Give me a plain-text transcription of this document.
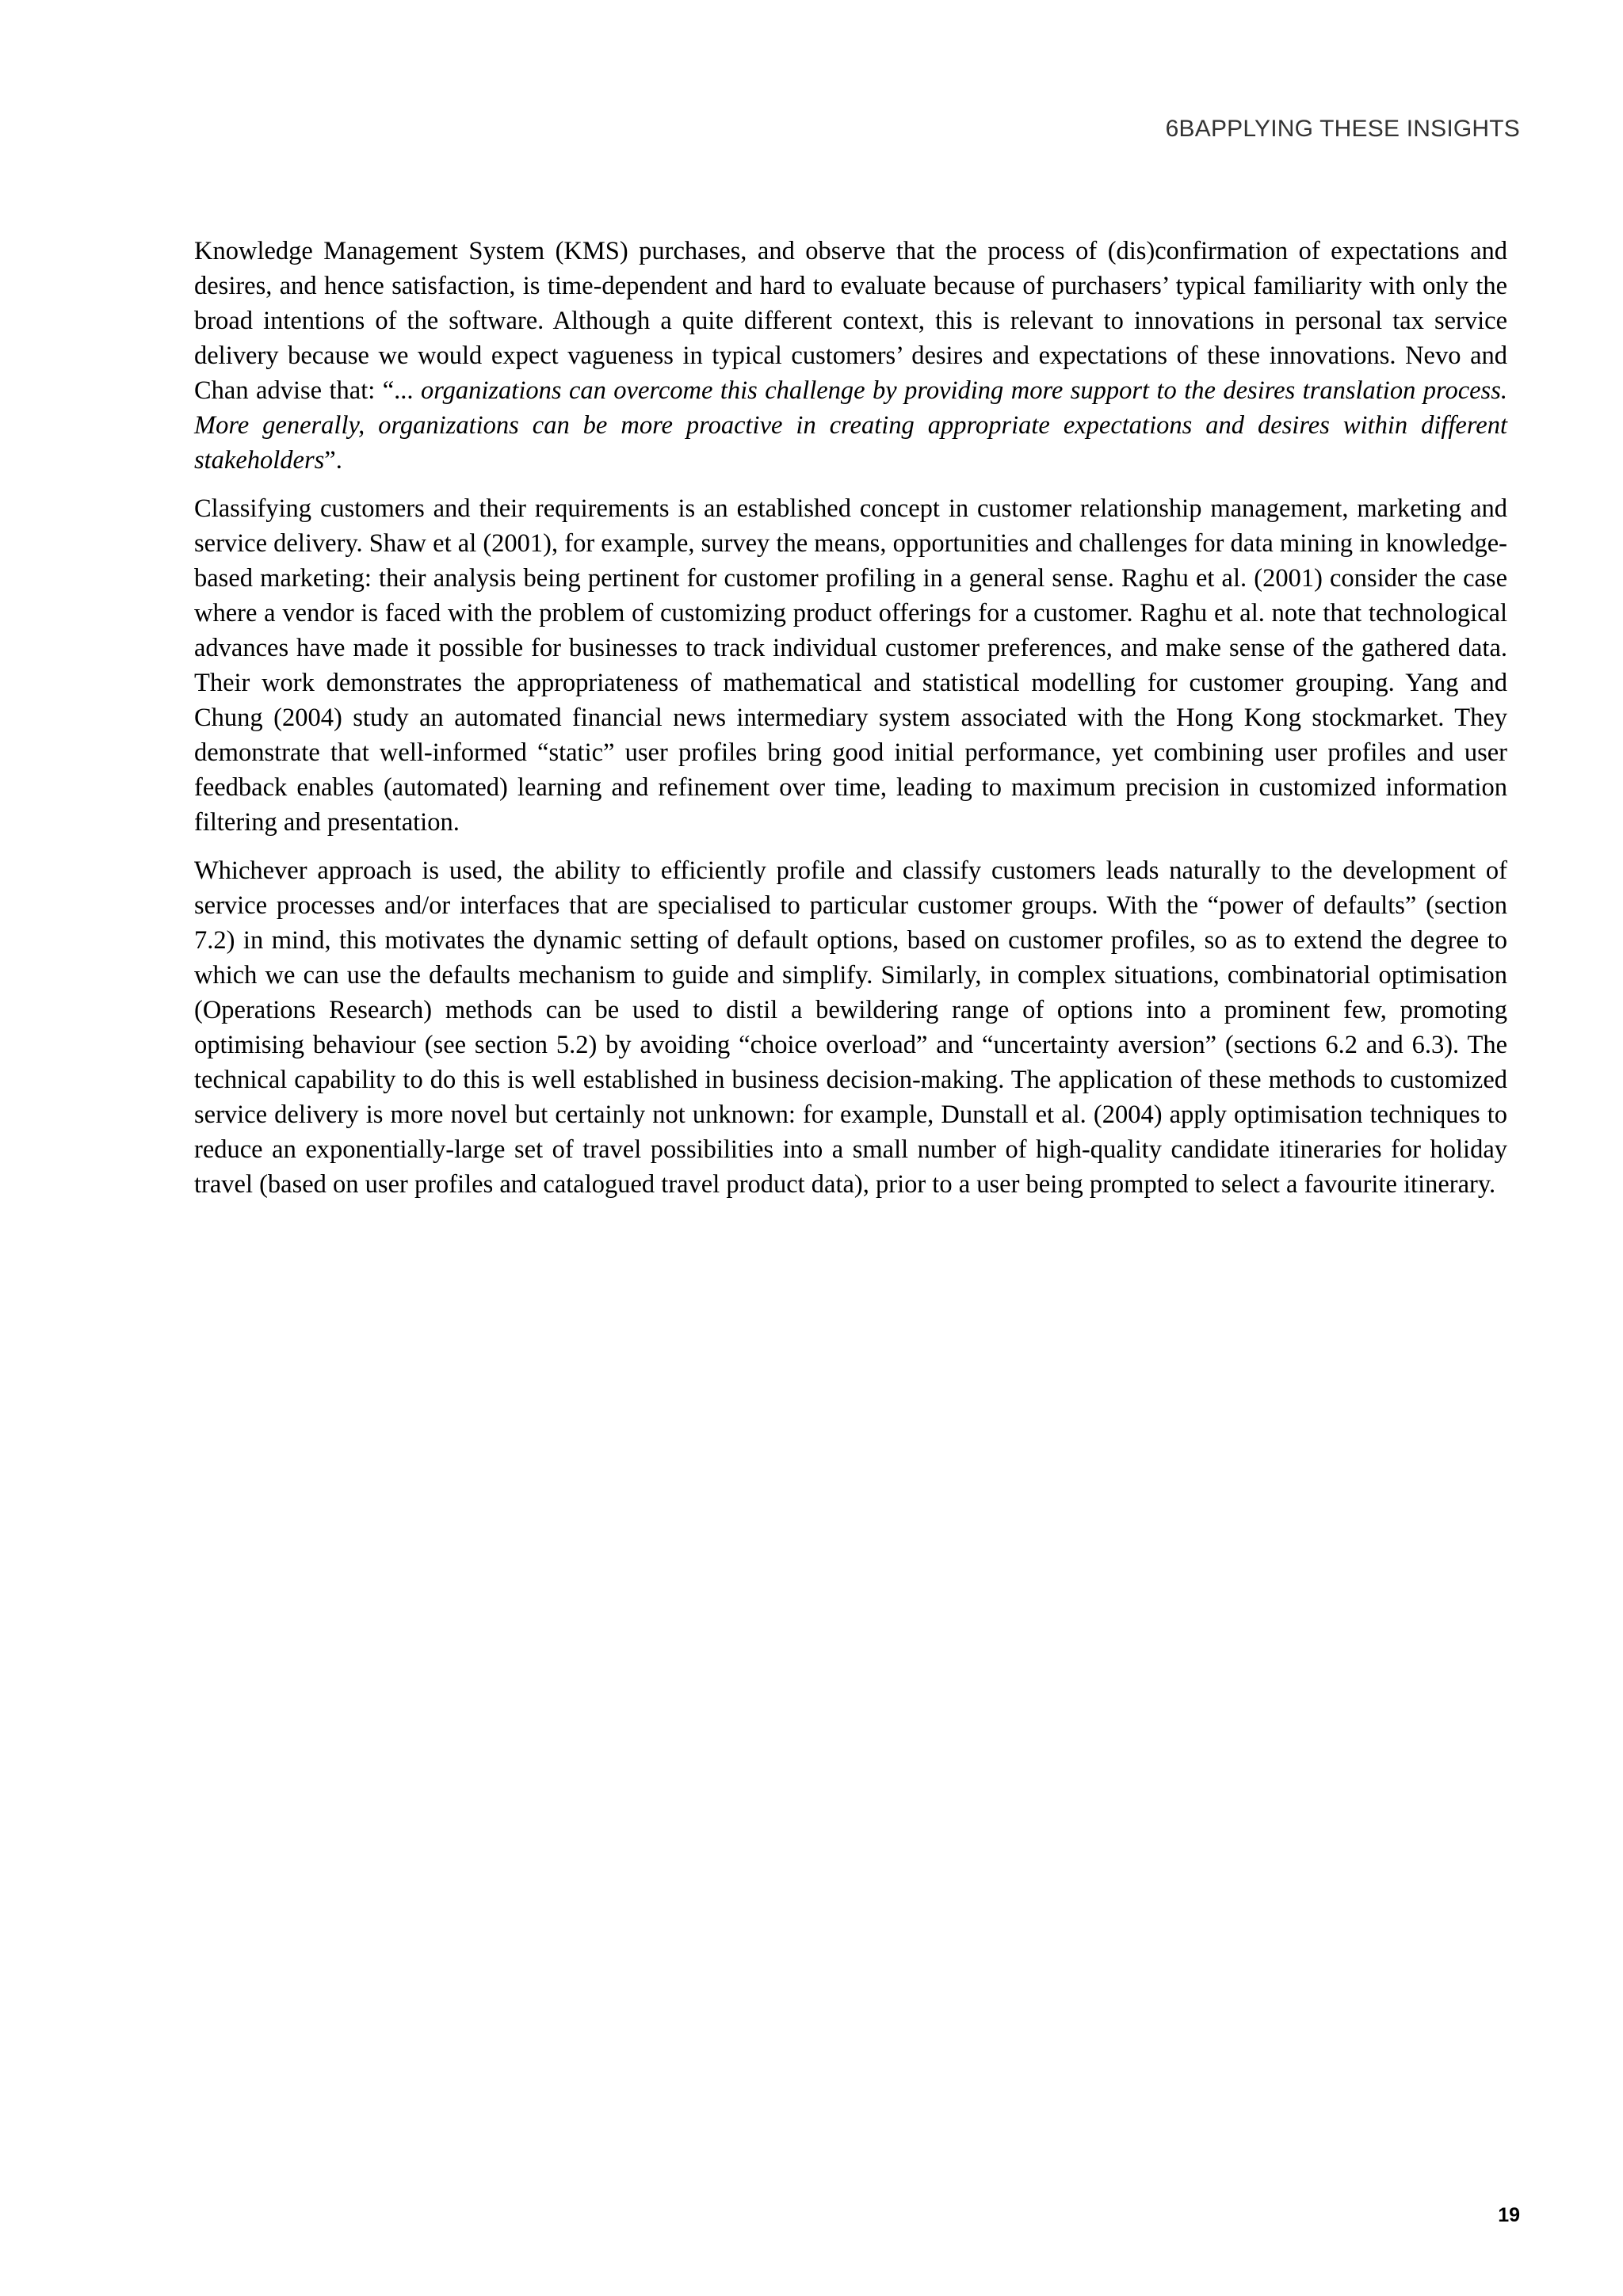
6BAPPLYING THESE INSIGHTS

Knowledge Management System (KMS) purchases, and observe that the process of (dis)confirmation of expectations and desires, and hence satisfaction, is time-dependent and hard to evaluate because of purchasers’ typical familiarity with only the broad intentions of the software. Although a quite different context, this is relevant to innovations in personal tax service delivery because we would expect vagueness in typical customers’ desires and expectations of these innovations. Nevo and Chan advise that: “... organizations can overcome this challenge by providing more support to the desires translation process. More generally, organizations can be more proactive in creating appropriate expectations and desires within different stakeholders”.

Classifying customers and their requirements is an established concept in customer relationship management, marketing and service delivery. Shaw et al (2001), for example, survey the means, opportunities and challenges for data mining in knowledge-based marketing: their analysis being pertinent for customer profiling in a general sense. Raghu et al. (2001) consider the case where a vendor is faced with the problem of customizing product offerings for a customer. Raghu et al. note that technological advances have made it possible for businesses to track individual customer preferences, and make sense of the gathered data. Their work demonstrates the appropriateness of mathematical and statistical modelling for customer grouping. Yang and Chung (2004) study an automated financial news intermediary system associated with the Hong Kong stockmarket. They demonstrate that well-informed “static” user profiles bring good initial performance, yet combining user profiles and user feedback enables (automated) learning and refinement over time, leading to maximum precision in customized information filtering and presentation.

Whichever approach is used, the ability to efficiently profile and classify customers leads naturally to the development of service processes and/or interfaces that are specialised to particular customer groups. With the “power of defaults” (section 7.2) in mind, this motivates the dynamic setting of default options, based on customer profiles, so as to extend the degree to which we can use the defaults mechanism to guide and simplify. Similarly, in complex situations, combinatorial optimisation (Operations Research) methods can be used to distil a bewildering range of options into a prominent few, promoting optimising behaviour (see section 5.2) by avoiding “choice overload” and “uncertainty aversion” (sections 6.2 and 6.3). The technical capability to do this is well established in business decision-making. The application of these methods to customized service delivery is more novel but certainly not unknown: for example, Dunstall et al. (2004) apply optimisation techniques to reduce an exponentially-large set of travel possibilities into a small number of high-quality candidate itineraries for holiday travel (based on user profiles and catalogued travel product data), prior to a user being prompted to select a favourite itinerary.

19
